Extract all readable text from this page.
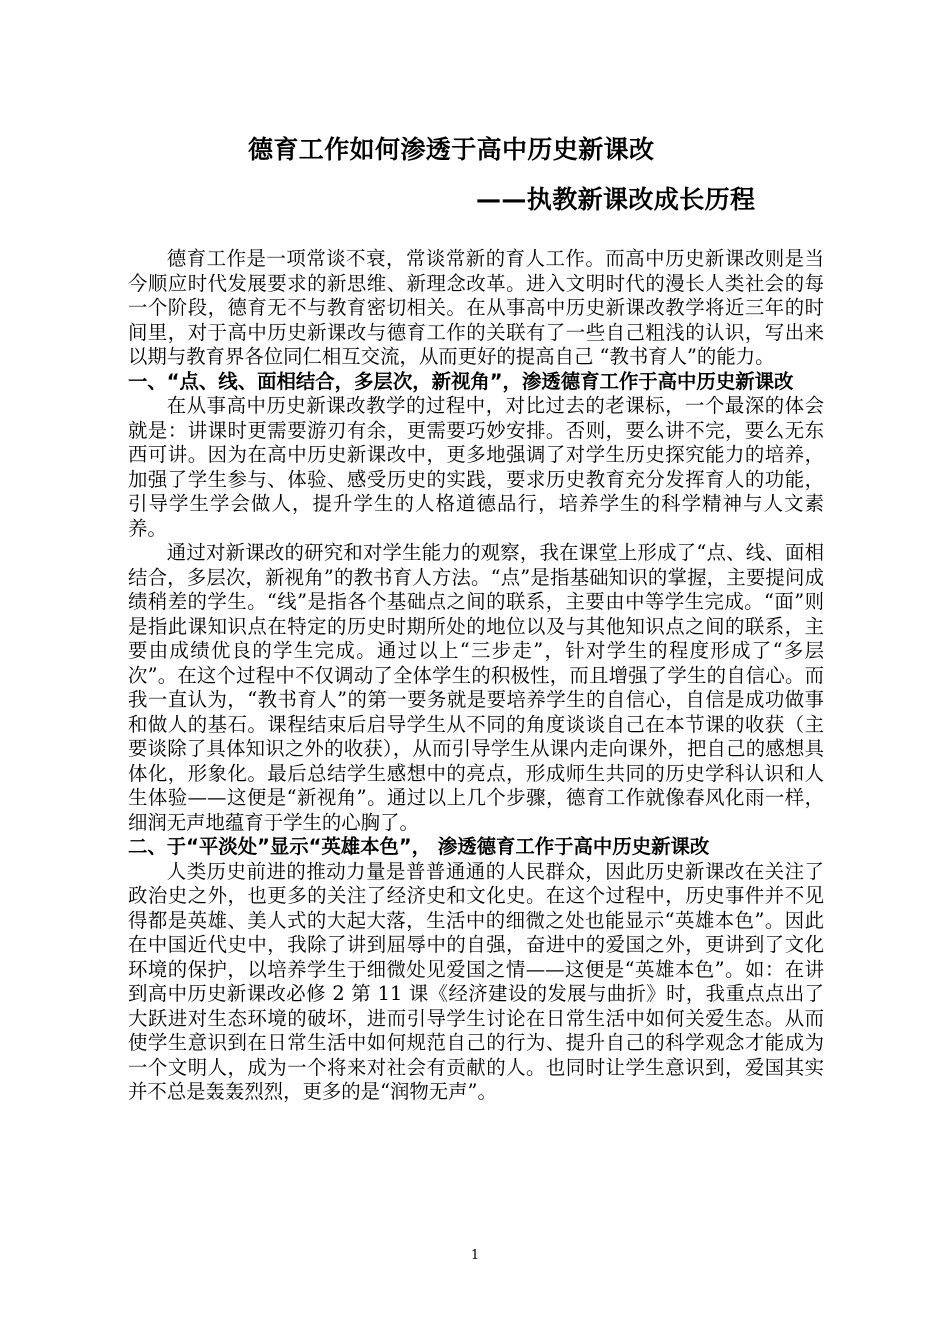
德育工作如何渗透于高中历史新课改
——执教新课改成长历程

德育工作是一项常谈不衰，常谈常新的育人工作。而高中历史新课改则是当今顺应时代发展要求的新思维、新理念改革。进入文明时代的漫长人类社会的每一个阶段，德育无不与教育密切相关。在从事高中历史新课改教学将近三年的时间里，对于高中历史新课改与德育工作的关联有了一些自己粗浅的认识，写出来以期与教育界各位同仁相互交流，从而更好的提高自己 “教书育人”的能力。

一、“点、线、面相结合，多层次，新视角”，渗透德育工作于高中历史新课改

在从事高中历史新课改教学的过程中，对比过去的老课标，一个最深的体会就是：讲课时更需要游刃有余，更需要巧妙安排。否则，要么讲不完，要么无东西可讲。因为在高中历史新课改中，更多地强调了对学生历史探究能力的培养，加强了学生参与、体验、感受历史的实践，要求历史教育充分发挥育人的功能，引导学生学会做人，提升学生的人格道德品行，培养学生的科学精神与人文素养。

通过对新课改的研究和对学生能力的观察，我在课堂上形成了“点、线、面相结合，多层次，新视角”的教书育人方法。“点”是指基础知识的掌握，主要提问成绩稍差的学生。“线”是指各个基础点之间的联系，主要由中等学生完成。“面”则是指此课知识点在特定的历史时期所处的地位以及与其他知识点之间的联系，主要由成绩优良的学生完成。通过以上“三步走”，针对学生的程度形成了“多层次”。在这个过程中不仅调动了全体学生的积极性，而且增强了学生的自信心。而我一直认为，“教书育人”的第一要务就是要培养学生的自信心，自信是成功做事和做人的基石。课程结束后启导学生从不同的角度谈谈自己在本节课的收获（主要谈除了具体知识之外的收获），从而引导学生从课内走向课外，把自己的感想具体化，形象化。最后总结学生感想中的亮点，形成师生共同的历史学科认识和人生体验——这便是“新视角”。通过以上几个步骤，德育工作就像春风化雨一样，细润无声地蕴育于学生的心胸了。

二、于“平淡处”显示“英雄本色”， 渗透德育工作于高中历史新课改

人类历史前进的推动力量是普普通通的人民群众，因此历史新课改在关注了政治史之外，也更多的关注了经济史和文化史。在这个过程中，历史事件并不见得都是英雄、美人式的大起大落，生活中的细微之处也能显示“英雄本色”。因此在中国近代史中，我除了讲到屈辱中的自强，奋进中的爱国之外，更讲到了文化环境的保护，以培养学生于细微处见爱国之情——这便是“英雄本色”。如：在讲到高中历史新课改必修 2 第 11 课《经济建设的发展与曲折》时，我重点点出了大跃进对生态环境的破坏，进而引导学生讨论在日常生活中如何关爱生态。从而使学生意识到在日常生活中如何规范自己的行为、提升自己的科学观念才能成为一个文明人，成为一个将来对社会有贡献的人。也同时让学生意识到，爱国其实并不总是轰轰烈烈，更多的是“润物无声”。

1
